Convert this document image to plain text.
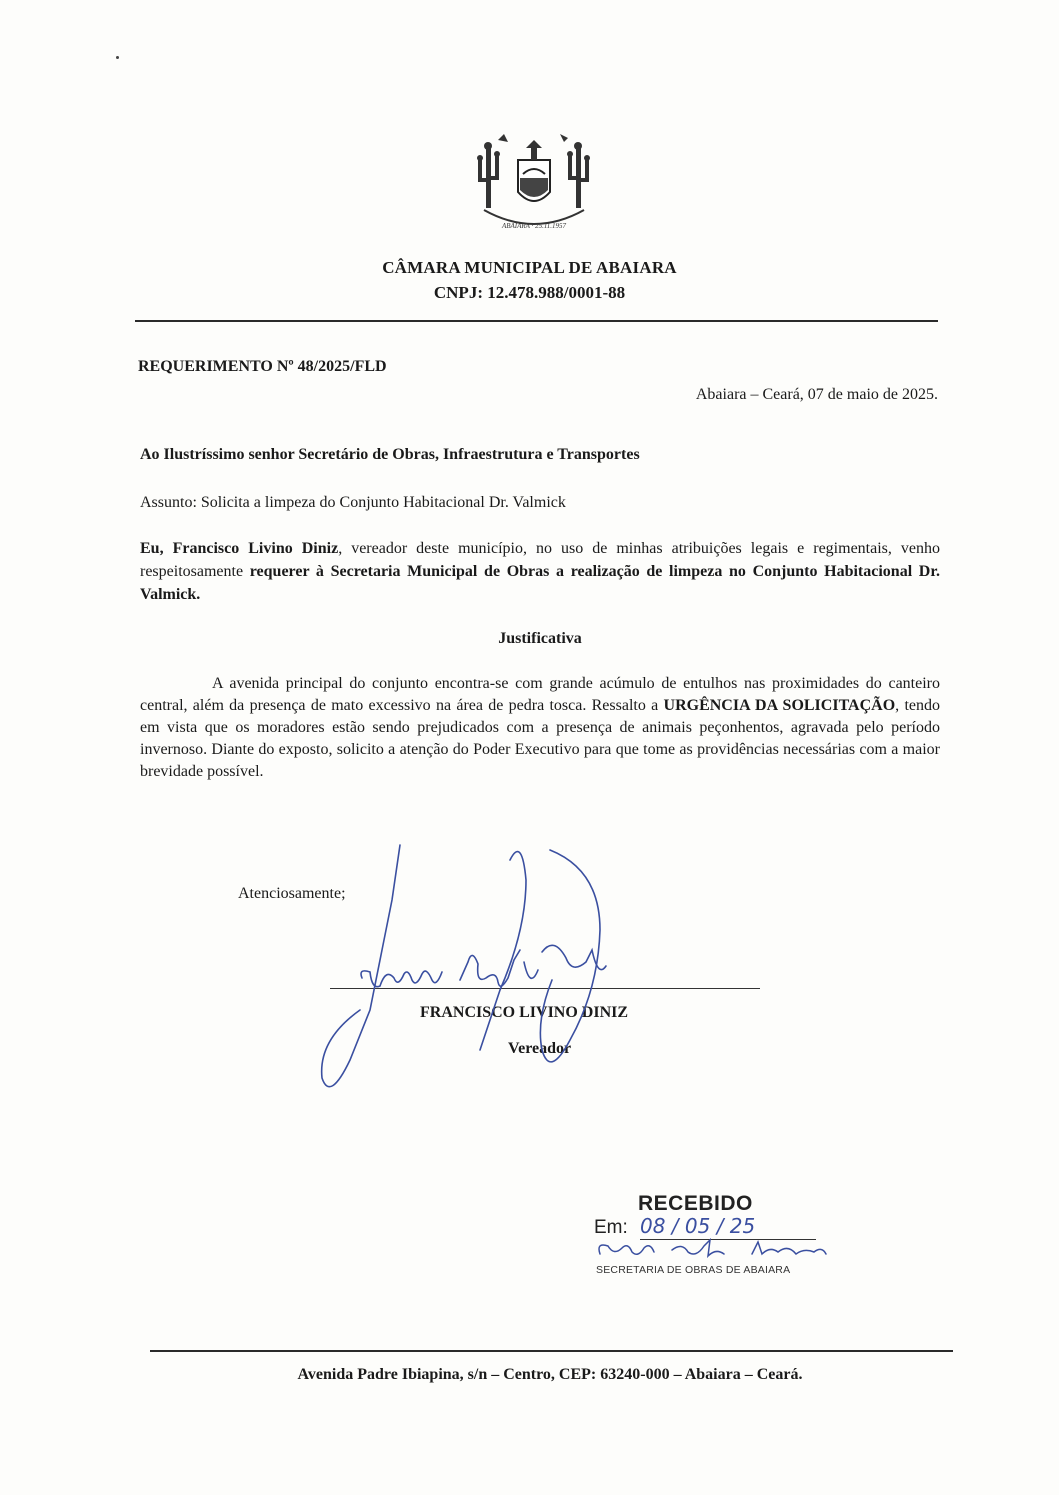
ABAIARA · 25.11.1957
CÂMARA MUNICIPAL DE ABAIARA
CNPJ: 12.478.988/0001-88
REQUERIMENTO Nº 48/2025/FLD
Abaiara – Ceará, 07 de maio de 2025.
Ao Ilustríssimo senhor Secretário de Obras, Infraestrutura e Transportes
Assunto: Solicita a limpeza do Conjunto Habitacional Dr. Valmick
Eu, Francisco Livino Diniz, vereador deste município, no uso de minhas atribuições legais e regimentais, venho respeitosamente requerer à Secretaria Municipal de Obras a realização de limpeza no Conjunto Habitacional Dr. Valmick.
Justificativa
A avenida principal do conjunto encontra-se com grande acúmulo de entulhos nas proximidades do canteiro central, além da presença de mato excessivo na área de pedra tosca. Ressalto a URGÊNCIA DA SOLICITAÇÃO, tendo em vista que os moradores estão sendo prejudicados com a presença de animais peçonhentos, agravada pelo período invernoso. Diante do exposto, solicito a atenção do Poder Executivo para que tome as providências necessárias com a maior brevidade possível.
Atenciosamente;
FRANCISCO LIVINO DINIZ
Vereador
RECEBIDO
Em: 08 / 05 / 25
SECRETARIA DE OBRAS DE ABAIARA
Avenida Padre Ibiapina, s/n – Centro, CEP: 63240-000 – Abaiara – Ceará.
